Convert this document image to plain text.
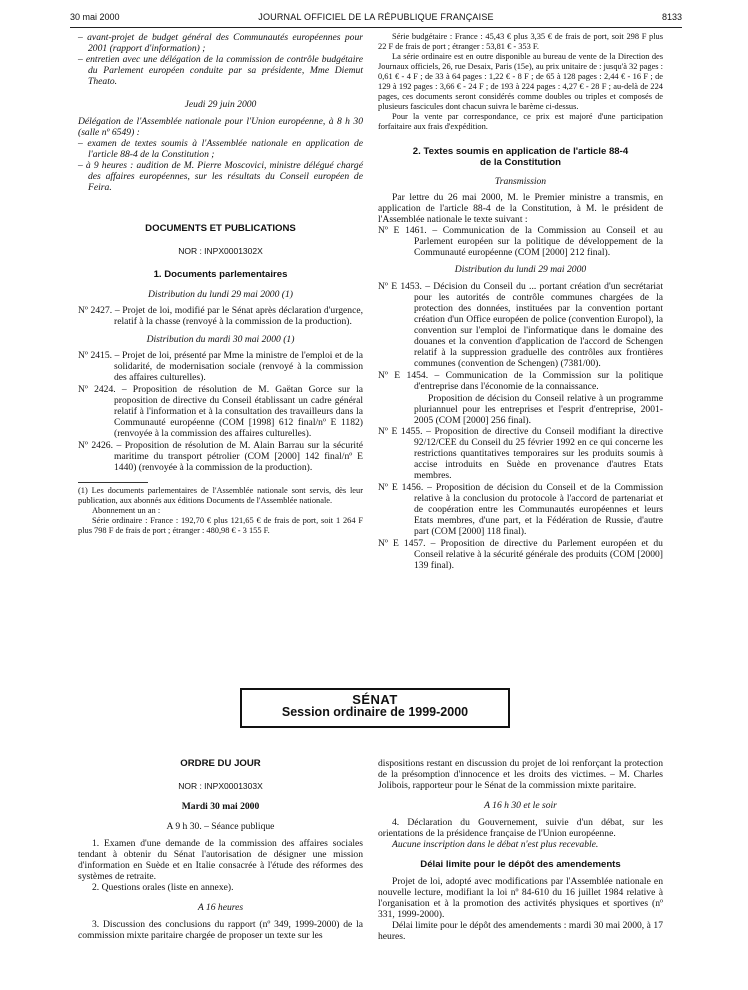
30 mai 2000	JOURNAL OFFICIEL DE LA RÉPUBLIQUE FRANÇAISE	8133

– avant-projet de budget général des Communautés européennes pour 2001 (rapport d'information) ;

– entretien avec une délégation de la commission de contrôle budgétaire du Parlement européen conduite par sa présidente, Mme Diemut Theato.

Jeudi 29 juin 2000

Délégation de l'Assemblée nationale pour l'Union européenne, à 8 h 30 (salle nº 6549) :

– examen de textes soumis à l'Assemblée nationale en application de l'article 88-4 de la Constitution ;

– à 9 heures : audition de M. Pierre Moscovici, ministre délégué chargé des affaires européennes, sur les résultats du Conseil européen de Feira.

DOCUMENTS ET PUBLICATIONS
NOR : INPX0001302X
1. Documents parlementaires

Distribution du lundi 29 mai 2000 (1)

Nº 2427. – Projet de loi, modifié par le Sénat après déclaration d'urgence, relatif à la chasse (renvoyé à la commission de la production).

Distribution du mardi 30 mai 2000 (1)

Nº 2415. – Projet de loi, présenté par Mme la ministre de l'emploi et de la solidarité, de modernisation sociale (renvoyé à la commission des affaires culturelles).

Nº 2424. – Proposition de résolution de M. Gaëtan Gorce sur la proposition de directive du Conseil établissant un cadre général relatif à l'information et à la consultation des travailleurs dans la Communauté européenne (COM [1998] 612 final/nº E 1182) (renvoyée à la commission des affaires culturelles).

Nº 2426. – Proposition de résolution de M. Alain Barrau sur la sécurité maritime du transport pétrolier (COM [2000] 142 final/nº E 1440) (renvoyée à la commission de la production).

(1) Les documents parlementaires de l'Assemblée nationale sont servis, dès leur publication, aux abonnés aux éditions Documents de l'Assemblée nationale.

Abonnement un an :

Série ordinaire : France : 192,70 € plus 121,65 € de frais de port, soit 1 264 F plus 798 F de frais de port ; étranger : 480,98 € - 3 155 F.

Série budgétaire : France : 45,43 € plus 3,35 € de frais de port, soit 298 F plus 22 F de frais de port ; étranger : 53,81 € - 353 F.

La série ordinaire est en outre disponible au bureau de vente de la Direction des Journaux officiels, 26, rue Desaix, Paris (15e), au prix unitaire de : jusqu'à 32 pages : 0,61 € - 4 F ; de 33 à 64 pages : 1,22 € - 8 F ; de 65 à 128 pages : 2,44 € - 16 F ; de 129 à 192 pages : 3,66 € - 24 F ; de 193 à 224 pages : 4,27 € - 28 F ; au-delà de 224 pages, ces documents seront considérés comme doubles ou triples et composés de plusieurs fascicules dont chacun suivra le barème ci-dessus.

Pour la vente par correspondance, ce prix est majoré d'une participation forfaitaire aux frais d'expédition.

2. Textes soumis en application de l'article 88-4
de la Constitution

Transmission

Par lettre du 26 mai 2000, M. le Premier ministre a transmis, en application de l'article 88-4 de la Constitution, à M. le président de l'Assemblée nationale le texte suivant :

Nº E 1461. – Communication de la Commission au Conseil et au Parlement européen sur la politique de développement de la Communauté européenne (COM [2000] 212 final).

Distribution du lundi 29 mai 2000

Nº E 1453. – Décision du Conseil du ... portant création d'un secrétariat pour les autorités de contrôle communes chargées de la protection des données, instituées par la convention portant création d'un Office européen de police (convention Europol), la convention sur l'emploi de l'informatique dans le domaine des douanes et la convention d'application de l'accord de Schengen relatif à la suppression graduelle des contrôles aux frontières communes (convention de Schengen) (7381/00).

Nº E 1454. – Communication de la Commission sur la politique d'entreprise dans l'économie de la connaissance.

Proposition de décision du Conseil relative à un programme pluriannuel pour les entreprises et l'esprit d'entreprise, 2001-2005 (COM [2000] 256 final).

Nº E 1455. – Proposition de directive du Conseil modifiant la directive 92/12/CEE du Conseil du 25 février 1992 en ce qui concerne les restrictions quantitatives temporaires sur les produits soumis à accise introduits en Suède en provenance d'autres Etats membres.

Nº E 1456. – Proposition de décision du Conseil et de la Commission relative à la conclusion du protocole à l'accord de partenariat et de coopération entre les Communautés européennes et leurs Etats membres, d'une part, et la Fédération de Russie, d'autre part (COM [2000] 118 final).

Nº E 1457. – Proposition de directive du Parlement européen et du Conseil relative à la sécurité générale des produits (COM [2000] 139 final).

SÉNAT
Session ordinaire de 1999-2000
ORDRE DU JOUR
NOR : INPX0001303X

Mardi 30 mai 2000

A 9 h 30. – Séance publique

1. Examen d'une demande de la commission des affaires sociales tendant à obtenir du Sénat l'autorisation de désigner une mission d'information en Suède et en Italie consacrée à l'étude des réformes des systèmes de retraite.

2. Questions orales (liste en annexe).

A 16 heures

3. Discussion des conclusions du rapport (nº 349, 1999-2000) de la commission mixte paritaire chargée de proposer un texte sur les

dispositions restant en discussion du projet de loi renforçant la protection de la présomption d'innocence et les droits des victimes. – M. Charles Jolibois, rapporteur pour le Sénat de la commission mixte paritaire.

A 16 h 30 et le soir

4. Déclaration du Gouvernement, suivie d'un débat, sur les orientations de la présidence française de l'Union européenne.

Aucune inscription dans le débat n'est plus recevable.

Délai limite pour le dépôt des amendements

Projet de loi, adopté avec modifications par l'Assemblée nationale en nouvelle lecture, modifiant la loi nº 84-610 du 16 juillet 1984 relative à l'organisation et à la promotion des activités physiques et sportives (nº 331, 1999-2000).

Délai limite pour le dépôt des amendements : mardi 30 mai 2000, à 17 heures.
